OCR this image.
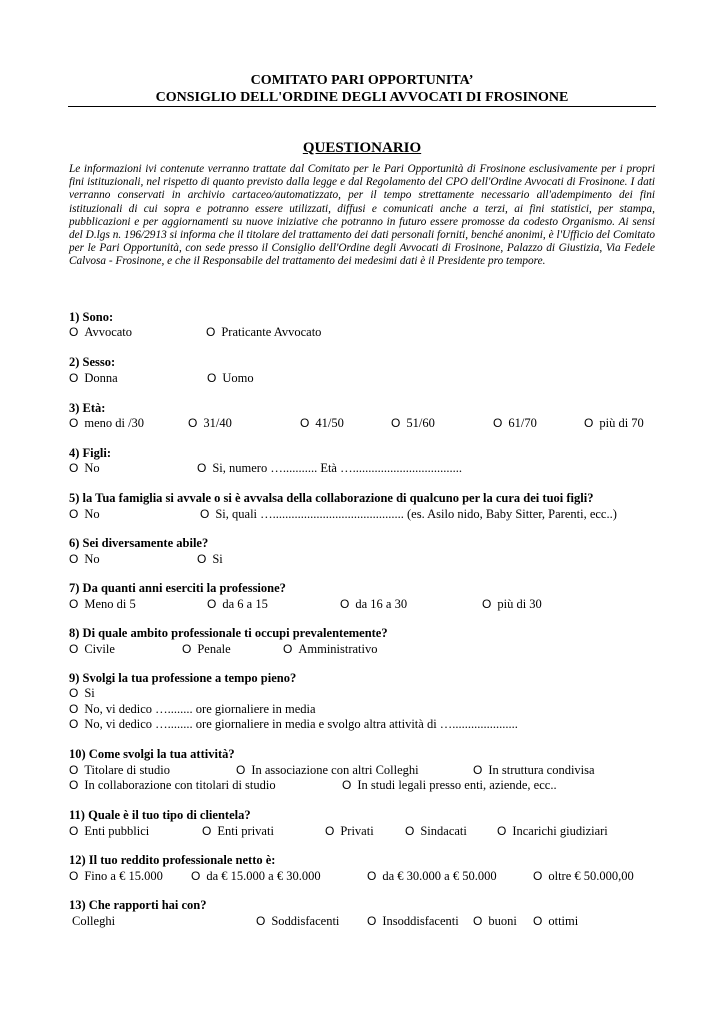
COMITATO PARI OPPORTUNITA’
CONSIGLIO DELL'ORDINE DEGLI AVVOCATI DI FROSINONE
QUESTIONARIO
Le informazioni ivi contenute verranno trattate dal Comitato per le Pari Opportunità di Frosinone esclusivamente per i propri fini istituzionali, nel rispetto di quanto previsto dalla legge e dal Regolamento del CPO dell'Ordine Avvocati di Frosinone. I dati verranno conservati in archivio cartaceo/automatizzato, per il tempo strettamente necessario all'adempimento dei fini istituzionali di cui sopra e potranno essere utilizzati, diffusi e comunicati anche a terzi, ai fini statistici, per stampa, pubblicazioni e per aggiornamenti su nuove iniziative che potranno in futuro essere promosse da codesto Organismo. Ai sensi del D.lgs n. 196/2913 si informa che il titolare del trattamento dei dati personali forniti, benché anonimi, è l'Ufficio del Comitato per le Pari Opportunità, con sede presso il Consiglio dell'Ordine degli Avvocati di Frosinone, Palazzo di Giustizia, Via Fedele Calvosa - Frosinone, e che il Responsabile del trattamento dei medesimi dati è il Presidente pro tempore.
1) Sono:
O Avvocato	O Praticante Avvocato
2) Sesso:
O Donna	O Uomo
3) Età:
O meno di /30	O 31/40	O 41/50	O 51/60	O 61/70	O più di 70
4) Figli:
O No	O Si, numero …........... Età …...................................
5) la Tua famiglia si avvale o si è avvalsa della collaborazione di qualcuno per la cura dei tuoi figli?
O No	O Si, quali ….......................................... (es. Asilo nido, Baby Sitter, Parenti, ecc..)
6) Sei diversamente abile?
O No	O Si
7) Da quanti anni eserciti la professione?
O Meno di 5	O da 6 a 15	O da 16 a 30	O più di 30
8) Di quale ambito professionale ti occupi prevalentemente?
O Civile	O Penale	O Amministrativo
9) Svolgi la tua professione a tempo pieno?
O Si
O No, vi dedico …........ ore giornaliere in media
O No, vi dedico …........ ore giornaliere in media e svolgo altra attività di ….....................
10) Come svolgi la tua attività?
O Titolare di studio	O In associazione con altri Colleghi	O In struttura condivisa
O In collaborazione con titolari di studio	O In studi legali presso enti, aziende, ecc..
11) Quale è il tuo tipo di clientela?
O Enti pubblici	O Enti privati	O Privati	O Sindacati	O Incarichi giudiziari
12) Il tuo reddito professionale netto è:
O Fino a € 15.000 O da € 15.000 a € 30.000	O da € 30.000 a € 50.000	O oltre € 50.000,00
13) Che rapporti hai con?
Colleghi	O Soddisfacenti O Insoddisfacenti O buoni O ottimi
